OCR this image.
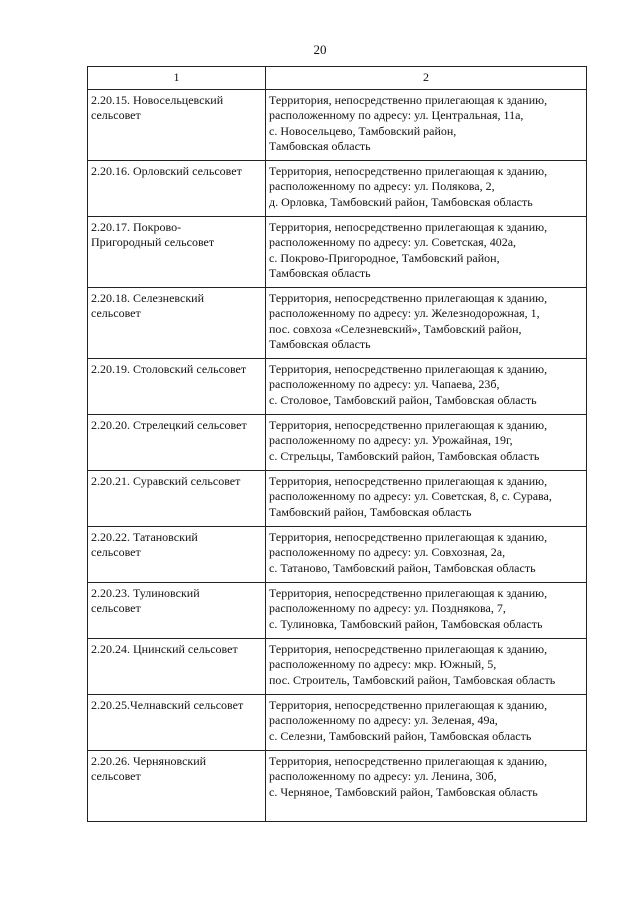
20
1	2

2.20.15. Новосельцевский
сельсовет	Территория, непосредственно прилегающая к зданию,
расположенному по адресу: ул. Центральная, 11а,
с. Новосельцево, Тамбовский район,
Тамбовская область

2.20.16. Орловский сельсовет	Территория, непосредственно прилегающая к зданию,
расположенному по адресу: ул. Полякова, 2,
д. Орловка, Тамбовский район, Тамбовская область

2.20.17. Покрово-
Пригородный сельсовет	Территория, непосредственно прилегающая к зданию,
расположенному по адресу: ул. Советская, 402а,
с. Покрово-Пригородное, Тамбовский район,
Тамбовская область

2.20.18. Селезневский
сельсовет	Территория, непосредственно прилегающая к зданию,
расположенному по адресу: ул. Железнодорожная, 1,
пос. совхоза «Селезневский», Тамбовский район,
Тамбовская область

2.20.19. Столовский сельсовет	Территория, непосредственно прилегающая к зданию,
расположенному по адресу: ул. Чапаева, 23б,
с. Столовое, Тамбовский район, Тамбовская область

2.20.20. Стрелецкий сельсовет	Территория, непосредственно прилегающая к зданию,
расположенному по адресу: ул. Урожайная, 19г,
с. Стрельцы, Тамбовский район, Тамбовская область

2.20.21. Суравский сельсовет	Территория, непосредственно прилегающая к зданию,
расположенному по адресу: ул. Советская, 8, с. Сурава,
Тамбовский район, Тамбовская область

2.20.22. Татановский
сельсовет	Территория, непосредственно прилегающая к зданию,
расположенному по адресу: ул. Совхозная, 2а,
с. Татаново, Тамбовский район, Тамбовская область

2.20.23. Тулиновский
сельсовет	Территория, непосредственно прилегающая к зданию,
расположенному по адресу: ул. Позднякова, 7,
с. Тулиновка, Тамбовский район, Тамбовская область

2.20.24. Цнинский сельсовет	Территория, непосредственно прилегающая к зданию,
расположенному по адресу: мкр. Южный, 5,
пос. Строитель, Тамбовский район, Тамбовская область

2.20.25.Челнавский сельсовет	Территория, непосредственно прилегающая к зданию,
расположенному по адресу: ул. Зеленая, 49а,
с. Селезни, Тамбовский район, Тамбовская область

2.20.26. Черняновский
сельсовет	Территория, непосредственно прилегающая к зданию,
расположенному по адресу: ул. Ленина, 30б,
с. Черняное, Тамбовский район, Тамбовская область
